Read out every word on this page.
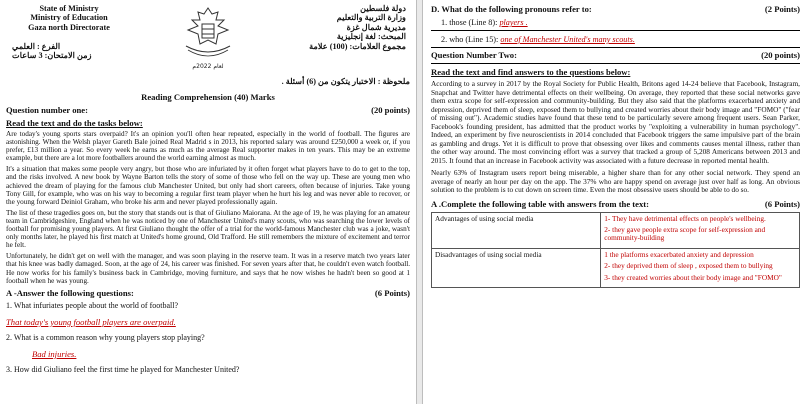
State of Ministry
Ministry of Education
Gaza north Directorate
الفرع : العلمي
زمن الامتحان: 3 ساعات
لعام 2022م
دولة فلسطين
وزارة التربية والتعليم
مديرية شمال غزة
المبحث: لغة إنجليزية
مجموع العلامات: (100) علامة
ملحوظة : الاختبار يتكون من (6) أسئلة .
Reading Comprehension (40) Marks
Question number one:	(20 points)
Read the text and do the tasks below:

Are today's young sports stars overpaid? It's an opinion you'll often hear repeated, especially in the world of football. The figures are astonishing. When the Welsh player Gareth Bale joined Real Madrid s in 2013, his reported salary was around £250,000 a week or, if you prefer, £13 million a year. So every week he earns as much as the average Real supporter makes in ten years. This may be an extreme example, but there are a lot more footballers around the world earning almost as much.

It's a situation that makes some people very angry, but those who are infuriated by it often forget what players have to do to get to the top, and the risks involved. A new book by Wayne Barton tells the story of some of those who fell on the way up. These are young men who achieved the dream of playing for the famous club Manchester United, but only had short careers, often because of injuries. Take young Tony Gill, for example, who was on his way to becoming a regular first team player when he hurt his leg and was never able to recover, or the young forward Deiniol Graham, who broke his arm and never played professionally again.

The list of these tragedies goes on, but the story that stands out is that of Giuliano Maiorana. At the age of 19, he was playing for an amateur team in Cambridgeshire, England when he was noticed by one of Manchester United's many scouts, who was searching the lower levels of football for promising young players. At first Giuliano thought the offer of a trial for the world-famous Manchester club was a joke, wasn't only months later, he played his first match at United's home ground, Old Trafford. He still remembers the mixture of excitement and terror he felt.

Unfortunately, he didn't get on well with the manager, and was soon playing in the reserve team. It was in a reserve match two years later that his knee was badly damaged. Soon, at the age of 24, his career was finished. For seven years after that, he couldn't even watch football. He now works for his family's business back in Cambridge, moving furniture, and says that he now wishes he hadn't been so good at 1 football when he was young.

A -Answer the following questions:	(6 Points)
1. What infuriates people about the world of football?
That today's young football players are overpaid.
2. What is a common reason why young players stop playing?
Bad injuries.
3. How did Giuliano feel the first time he played for Manchester United?
D. What do the following pronouns refer to:	(2 Points)
1. those (Line 8): players .
2. who (Line 15): one of Manchester United's many scouts.
Question Number Two:	(20 points)
Read the text and find answers to the questions below:

According to a survey in 2017 by the Royal Society for Public Health, Britons aged 14-24 believe that Facebook, Instagram, Snapchat and Twitter have detrimental effects on their wellbeing. On average, they reported that these social networks gave them extra scope for self-expression and community-building. But they also said that the platforms exacerbated anxiety and depression, deprived them of sleep, exposed them to bullying and created worries about their body image and "FOMO" ("fear of missing out"). Academic studies have found that these tend to be particularly severe among frequent users. Sean Parker, Facebook's founding president, has admitted that the product works by "exploiting a vulnerability in human psychology". Indeed, an experiment by five neuroscientists in 2014 concluded that Facebook triggers the same impulsive part of the brain as gambling and drugs. Yet it is difficult to prove that obsessing over likes and comments causes mental illness, rather than the other way around. The most convincing effort was a survey that tracked a group of 5,208 Americans between 2013 and 2015. It found that an increase in Facebook activity was associated with a future decrease in reported mental health.

Nearly 63% of Instagram users report being miserable, a higher share than for any other social network. They spend an average of nearly an hour per day on the app. The 37% who are happy spend on average just over half as long. An obvious solution to the problem is to cut down on screen time. Even the most obsessive users should be able to do so.

A .Complete the following table with answers from the text:	(6 Points)
Advantages of using social media	1- They have detrimental effects on people's wellbeing.
2- they gave people extra scope for self-expression and community-building

Disadvantages of using social media	1 the platforms exacerbated anxiety and depression
2- they deprived them of sleep , exposed them to bullying
3- they created worries about their body image and "FOMO"
